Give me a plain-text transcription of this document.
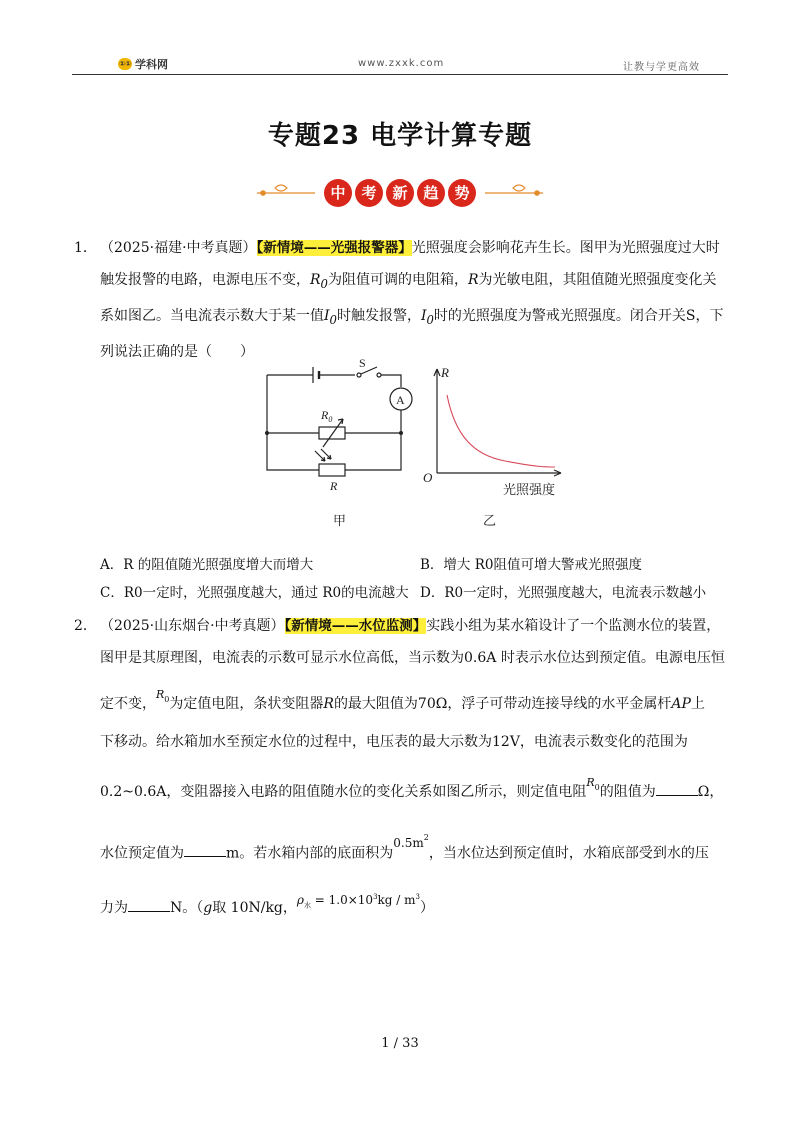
①① 学科网	www.zxxk.com	让教与学更高效
专题23 电学计算专题
中 考 新 趋 势
1． （2025·福建·中考真题）【新情境——光强报警器】光照强度会影响花卉生长。图甲为光照强度过大时触发报警的电路，电源电压不变，$R_0$为阻值可调的电阻箱，R为光敏电阻，其阻值随光照强度变化关系如图乙。当电流表示数大于某一值$I_0$时触发报警，$I_0$时的光照强度为警戒光照强度。闭合开关S，下列说法正确的是（　　）
S
A
$R_0$
R
甲
R
O
光照强度
乙
A．R 的阻值随光照强度增大而增大	B．增大 R0阻值可增大警戒光照强度
C．R0一定时，光照强度越大，通过 R0的电流越大 D．R0一定时，光照强度越大，电流表示数越小
2． （2025·山东烟台·中考真题）【新情境——水位监测】实践小组为某水箱设计了一个监测水位的装置，
图甲是其原理图，电流表的示数可显示水位高低，当示数为0.6A 时表示水位达到预定值。电源电压恒
定不变，$^R_0$为定值电阻，条状变阻器R的最大阻值为70Ω，浮子可带动连接导线的水平金属杆AP上
下移动。给水箱加水至预定水位的过程中，电压表的最大示数为12V，电流表示数变化的范围为
0.2~0.6A，变阻器接入电路的阻值随水位的变化关系如图乙所示，则定值电阻$^R_0$的阻值为	Ω，
水位预定值为	m。若水箱内部的底面积为$0.5m^2$，当水位达到预定值时，水箱底部受到水的压
力为	N。（g取 10N/kg，$\rho_水 = 1.0\times 10^3kg / m^3$）
1 / 33
